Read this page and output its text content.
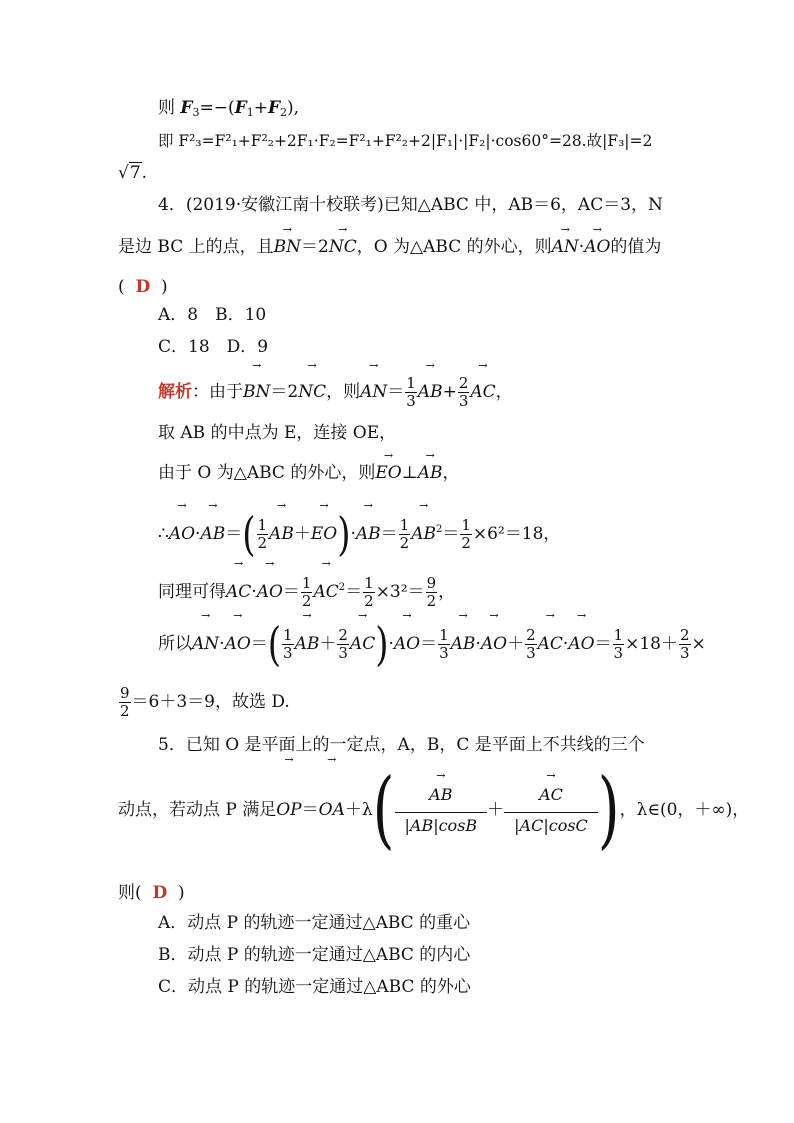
则 $F_3=-(F_1+F_2)$,
即 F²₃=F²₁+F²₂+2F₁·F₂=F²₁+F²₂+2|F₁|·|F₂|·cos60°=28.故|F₃|=2
√7.
4．(2019·安徽江南十校联考)已知△ABC 中，AB＝6，AC＝3，N
是边 BC 上的点，且→ BN＝2→ NC，O 为△ABC 的外心，则→ AN·→ AO的值为
( D )
A．8　B．10
C．18　D．9
解析：由于→ BN＝2→ NC，则→ $AN= \frac{1}{3}$
→ $AB+ \frac{2}{3}$
→ AC，
取 AB 的中点为 E，连接 OE，
由于 O 为△ABC 的外心，则→ EO⊥→ AB，
∴→ $AO\cdot\to AB=( \frac{1}{2}$
→ $AB+\to EO)\cdot\to AB= \frac{1}{2}$
→ $AB^2= \frac{1}{2} \times 6^2=18$，
同理可得→ $AC\cdot\to AO= \frac{1}{2}$
→ $AC^2= \frac{1}{2} \times 3^2= \frac{9}{2}$ ，
所以→ $AN\cdot\to AO=( \frac{1}{3}$
→ $AB+ \frac{2}{3}$
→ $AC)\cdot\to AO= \frac{1}{3}$
→ $AB\cdot\to AO+ \frac{2}{3}$
→ $AC\cdot\to AO= \frac{1}{3} \times 18+ \frac{2}{3}$ ×
$\frac{9}{2} =6+3=9$，故选 D.
5．已知 O 是平面上的一定点，A，B，C 是平面上不共线的三个
动点，若动点 P 满足→ OP＝→ OA＋λ(
→ $\frac{AB}{|AB|\cos B}$ ＋
→ $\frac{AC}{|AC|\cos C}$ )，λ∈(0，＋∞)，
则( D )
A．动点 P 的轨迹一定通过△ABC 的重心
B．动点 P 的轨迹一定通过△ABC 的内心
C．动点 P 的轨迹一定通过△ABC 的外心
